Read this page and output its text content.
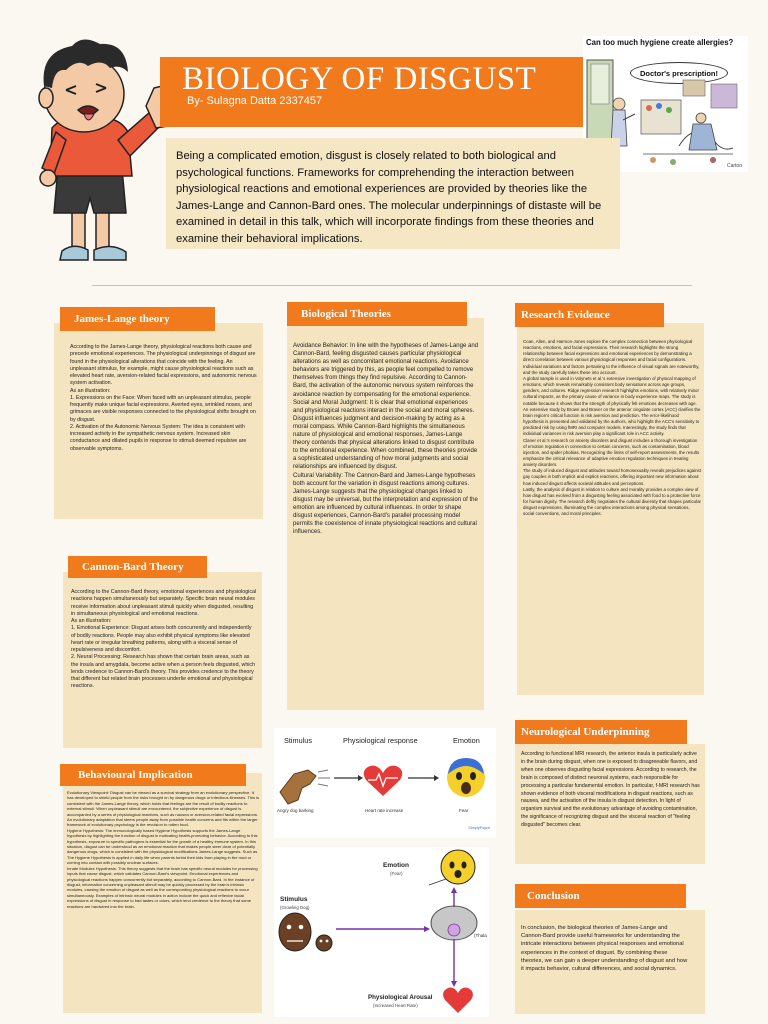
BIOLOGY OF DISGUST
By- Sulagna Datta 2337457
Can too much hygiene create allergies?
Doctor's prescription!
Cartoo

Being a complicated emotion, disgust is closely related to both biological and psychological functions. Frameworks for comprehending the interaction between physiological reactions and emotional experiences are provided by theories like the James-Lange and Cannon-Bard ones. The molecular underpinnings of distaste will be examined in detail in this talk, which will incorporate findings from these theories and examine their behavioral implications.

According to the James-Lange theory, physiological reactions both cause and precede emotional experiences. The physiological underpinnings of disgust are found in the physiological alterations that coincide with the feeling. An unpleasant stimulus, for example, might cause physiological reactions such as elevated heart rate, aversion-related facial expressions, and autonomic nervous system activation.
As an illustration:
1. Expressions on the Face: When faced with an unpleasant stimulus, people frequently make unique facial expressions. Averted eyes, wrinkled noses, and grimaces are visible responses connected to the physiological shifts brought on by disgust.
2. Activation of the Autonomic Nervous System: The idea is consistent with increased activity in the sympathetic nervous system. Increased skin conductance and dilated pupils in response to stimuli deemed repulsive are observable symptoms.

James-Lange theory

According to the Cannon-Bard theory, emotional experiences and physiological reactions happen simultaneously but separately. Specific brain neural modules receive information about unpleasant stimuli quickly when disgusted, resulting in simultaneous physiological and emotional reactions.
As an illustration:
1. Emotional Experience: Disgust arises both concurrently and independently of bodily reactions. People may also exhibit physical symptoms like elevated heart rate or irregular breathing patterns, along with a visceral sense of repulsiveness and discomfort.
2. Neural Processing: Research has shown that certain brain areas, such as the insula and amygdala, become active when a person feels disgusted, which lends credence to Cannon-Bard's theory. This provides credence to the theory that different but related brain processes underlie emotional and physiological reactions.

Cannon-Bard Theory

Evolutionary Viewpoint: Disgust can be viewed as a survival strategy from an evolutionary perspective. It has developed to shield people from the risks brought on by dangerous drugs or infectious illnesses. This is consistent with the James-Lange theory, which holds that feelings are the result of bodily reactions to external stimuli. When unpleasant stimuli are encountered, the subjective experience of disgust is accompanied by a series of physiological reactions, such as nausea or aversion-related facial expressions. An evolutionary adaptation that steers people away from possible health concerns and fits within the larger framework of evolutionary psychology is the revulsion to rotten food.
Hygiene Hypothesis: The immunologically based Hygiene Hypothesis supports the James-Lange hypothesis by highlighting the function of disgust in motivating health-promoting behavior. According to this hypothesis, exposure to specific pathogens is essential for the growth of a healthy immune system. In this situation, disgust can be understood as an emotional reaction that makes people steer clear of potentially dangerous drugs, which is consistent with the physiological modifications James-Lange suggests. Such as The Hygiene Hypothesis is applied in daily life when parents forbid their kids from playing in the mud or coming into contact with possibly unclean surfaces.
Innate Modules Hypothesis: This theory suggests that the brain has specific neural modules for processing inputs that cause disgust, which validates Cannon-Bard's viewpoint. Emotional experiences and physiological reactions happen concurrently but separately, according to Cannon-Bard. In the instance of disgust, information concerning unpleasant stimuli may be quickly processed by the brain's intrinsic modules, causing the emotion of disgust as well as the corresponding physiological reactions to occur simultaneously. Examples of intrinsic neural modules in action include the quick and reflexive facial expressions of disgust in response to bad tastes or odors, which lend credence to the theory that some reactions are hardwired into the brain.

Behavioural Implication

Avoidance Behavior: In line with the hypotheses of James-Lange and Cannon-Bard, feeling disgusted causes particular physiological alterations as well as concomitant emotional reactions. Avoidance behaviors are triggered by this, as people feel compelled to remove themselves from things they find repulsive. According to Cannon-Bard, the activation of the autonomic nervous system reinforces the avoidance reaction by compensating for the emotional experience.
Social and Moral Judgment: It is clear that emotional experiences and physiological reactions interact in the social and moral spheres. Disgust influences judgment and decision-making by acting as a moral compass. While Cannon-Bard highlights the simultaneous nature of physiological and emotional responses, James-Lange theory contends that physical alterations linked to disgust contribute to the emotional experience. When combined, these theories provide a sophisticated understanding of how moral judgments and social relationships are influenced by disgust.
Cultural Variability: The Cannon-Bard and James-Lange hypotheses both account for the variation in disgust reactions among cultures. James-Lange suggests that the physiological changes linked to disgust may be universal, but the interpretation and expression of the emotion are influenced by cultural influences. In order to shape disgust experiences, Cannon-Bard's parallel processing model permits the coexistence of innate physiological reactions and cultural influences.

Biological Theories

Coan, Allen, and Harmon-Jones explore the complex connection between physiological reactions, emotions, and facial expressions. Their research highlights the strong relationship between facial expressions and emotional experiences by demonstrating a direct correlation between various physiological responses and facial configurations. Individual variations and factors pertaining to the influence of visual signals are noteworthy, and the study carefully takes these into account.
A global sample is used in Volynets et al.'s extensive investigation of physical mapping of emotions, which reveals remarkably consistent body sensations across age groups, genders, and cultures. Ridge regression research highlights emotions, with relatively minor cultural impacts, as the primary cause of variance in body experience maps. The study is notable because it shows that the strength of physically felt emotions decreases with age.
An extensive study by Brown and Braver on the anterior cingulate cortex (ACC) clarifies the brain region's critical function in risk aversion and prediction. The error-likelihood hypothesis is presented and validated by the authors, who highlight the ACC's sensitivity to predicted risk by using fMRI and computer models. Interestingly, the study finds that individual variances in risk aversion play a significant role in ACC activity.
Claner et al.'s research on anxiety disorders and disgust includes a thorough investigation of emotion regulation in connection to certain concerns, such as contamination, blood injection, and spider phobias. Recognizing the limits of self-report assessments, the results emphasize the critical relevance of adaptive emotion regulation techniques in treating anxiety disorders.
The study of induced disgust and attitudes toward homosexuality reveals prejudices against gay couples in both implicit and explicit reactions, offering important new information about how induced disgust affects societal attitudes and perceptions.
Lastly, the analysis of disgust in relation to culture and morality provides a complex view of how disgust has evolved from a disgusting feeling associated with food to a protective force for human dignity. The research deftly negotiates the cultural diversity that shapes particular disgust expressions, illuminating the complex interactions among physical sensations, social conventions, and moral principles.

Research Evidence

According to functional MRI research, the anterior insula is particularly active in the brain during disgust, when one is exposed to disagreeable flavors, and when one observes disgusting facial expressions. According to research, the brain is composed of distinct neuronal systems, each responsible for processing a particular fundamental emotion. In particular, f-MRI research has shown evidence of both visceral modifications in disgust reactions, such as nausea, and the activation of the insula in disgust detection. In light of organism survival and the evolutionary advantage of avoiding contamination, the significance of recognizing disgust and the visceral reaction of "feeling disgusted" becomes clear.

Neurological Underpinning

In conclusion, the biological theories of James-Lange and Cannon-Bard provide useful frameworks for understanding the intricate interactions between physical responses and emotional experiences in the context of disgust. By combining these theories, we can gain a deeper understanding of disgust and how it impacts behavior, cultural differences, and social dynamics.

Conclusion
Stimulus	Physiological response	Emotion
Angry dog barking	Heart rate increase	Fear
SimplyPsych
Emotion
(Fear)
Stimulus
(Growling Dog)
(Thala
Physiological Arousal
(Increased Heart Rate)
